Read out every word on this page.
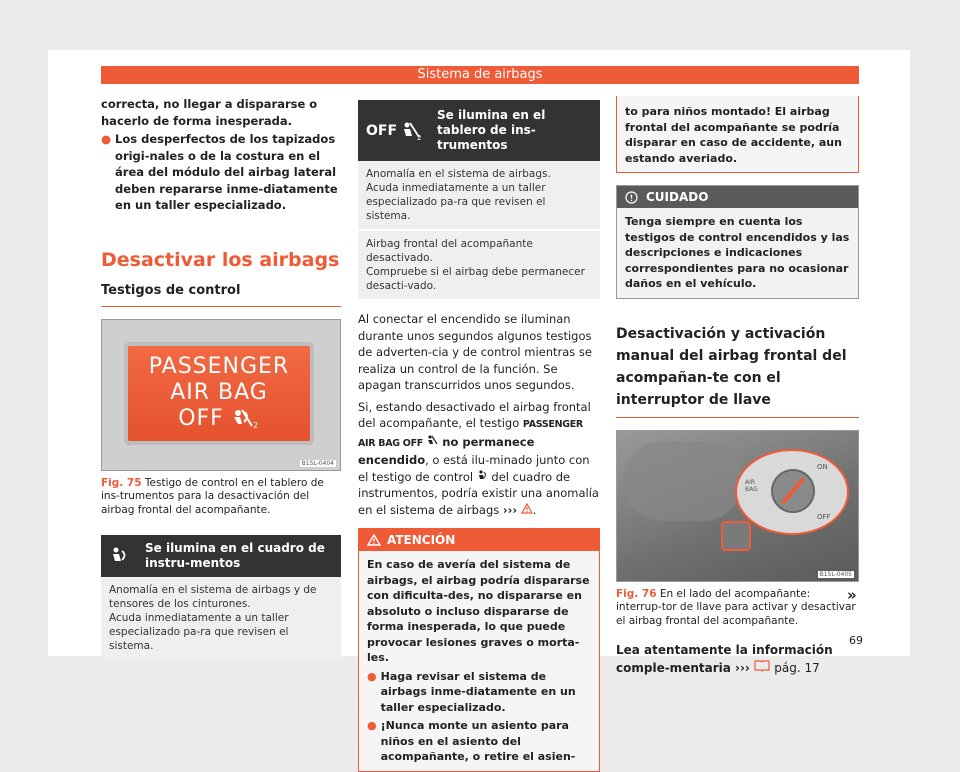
Sistema de airbags

correcta, no llegar a dispararse o hacerlo de forma inesperada.

● Los desperfectos de los tapizados origi-nales o de la costura en el área del módulo del airbag lateral deben repararse inme-diatamente en un taller especializado.
Desactivar los airbags
Testigos de control
PASSENGER
AIR BAG
OFF	2
B1SL-0404

Fig. 75 Testigo de control en el tablero de ins-trumentos para la desactivación del airbag frontal del acompañante.

Se ilumina en el cuadro de instru-mentos

Anomalía en el sistema de airbags y de tensores de los cinturones.

Acuda inmediatamente a un taller especializado pa-ra que revisen el sistema.

OFF	2
Se ilumina en el tablero de ins-trumentos

Anomalía en el sistema de airbags.

Acuda inmediatamente a un taller especializado pa-ra que revisen el sistema.

Airbag frontal del acompañante desactivado.

Compruebe si el airbag debe permanecer desacti-vado.

Al conectar el encendido se iluminan durante unos segundos algunos testigos de adverten-cia y de control mientras se realiza un control de la función. Se apagan transcurridos unos segundos.

Si, estando desactivado el airbag frontal del acompañante, el testigo PASSENGER AIR BAG OFF no permanece encendido, o está ilu-minado junto con el testigo de control del cuadro de instrumentos, podría existir una anomalía en el sistema de airbags ››› .

ATENCIÓN

En caso de avería del sistema de airbags, el airbag podría dispararse con dificulta-des, no dispararse en absoluto o incluso dispararse de forma inesperada, lo que puede provocar lesiones graves o morta-les.

● Haga revisar el sistema de airbags inme-diatamente en un taller especializado.
● ¡Nunca monte un asiento para niños en el asiento del acompañante, o retire el asien-
to para niños montado! El airbag frontal del acompañante se podría disparar en caso de accidente, aun estando averiado.
CUIDADO
Tenga siempre en cuenta los testigos de control encendidos y las descripciones e indicaciones correspondientes para no ocasionar daños en el vehículo.
Desactivación y activación manual del airbag frontal del acompañan-te con el interruptor de llave
AIR BAG
ON
OFF
B1SL-0405

Fig. 76 En el lado del acompañante: interrup-tor de llave para activar y desactivar el airbag frontal del acompañante.

Lea atentamente la información comple-mentaria ››› pág. 17

»
69
